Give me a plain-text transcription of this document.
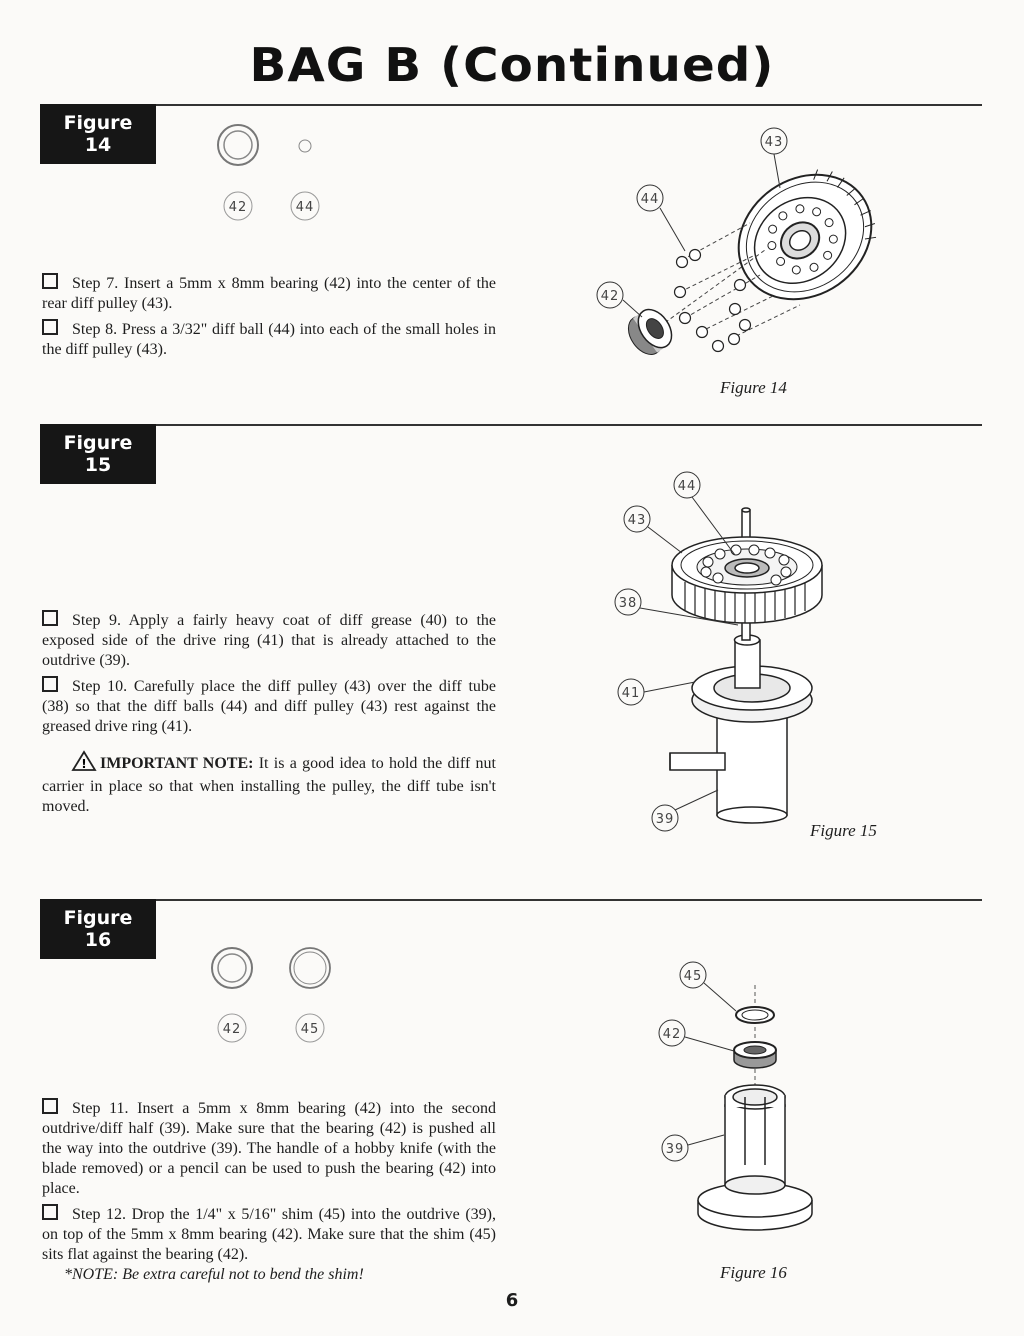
BAG B (Continued)
Figure 14
42	44

Step 7. Insert a 5mm x 8mm bearing (42) into the center of the rear diff pulley (43).

Step 8. Press a 3/32" diff ball (44) into each of the small holes in the diff pulley (43).

43
44
42
Figure 14
Figure 15

Step 9. Apply a fairly heavy coat of diff grease (40) to the exposed side of the drive ring (41) that is already attached to the outdrive (39).

Step 10. Carefully place the diff pulley (43) over the diff tube (38) so that the diff balls (44) and diff pulley (43) rest against the greased drive ring (41).

! IMPORTANT NOTE: It is a good idea to hold the diff nut carrier in place so that when installing the pulley, the diff tube isn't moved.

44
43
38
41
39
Figure 15
Figure 16
42	45

Step 11. Insert a 5mm x 8mm bearing (42) into the second outdrive/diff half (39). Make sure that the bearing (42) is pushed all the way into the outdrive (39). The handle of a hobby knife (with the blade removed) or a pencil can be used to push the bearing (42) into place.

Step 12. Drop the 1/4" x 5/16" shim (45) into the outdrive (39), on top of the 5mm x 8mm bearing (42). Make sure that the shim (45) sits flat against the bearing (42).

*NOTE: Be extra careful not to bend the shim!

45
42
39
Figure 16
6
